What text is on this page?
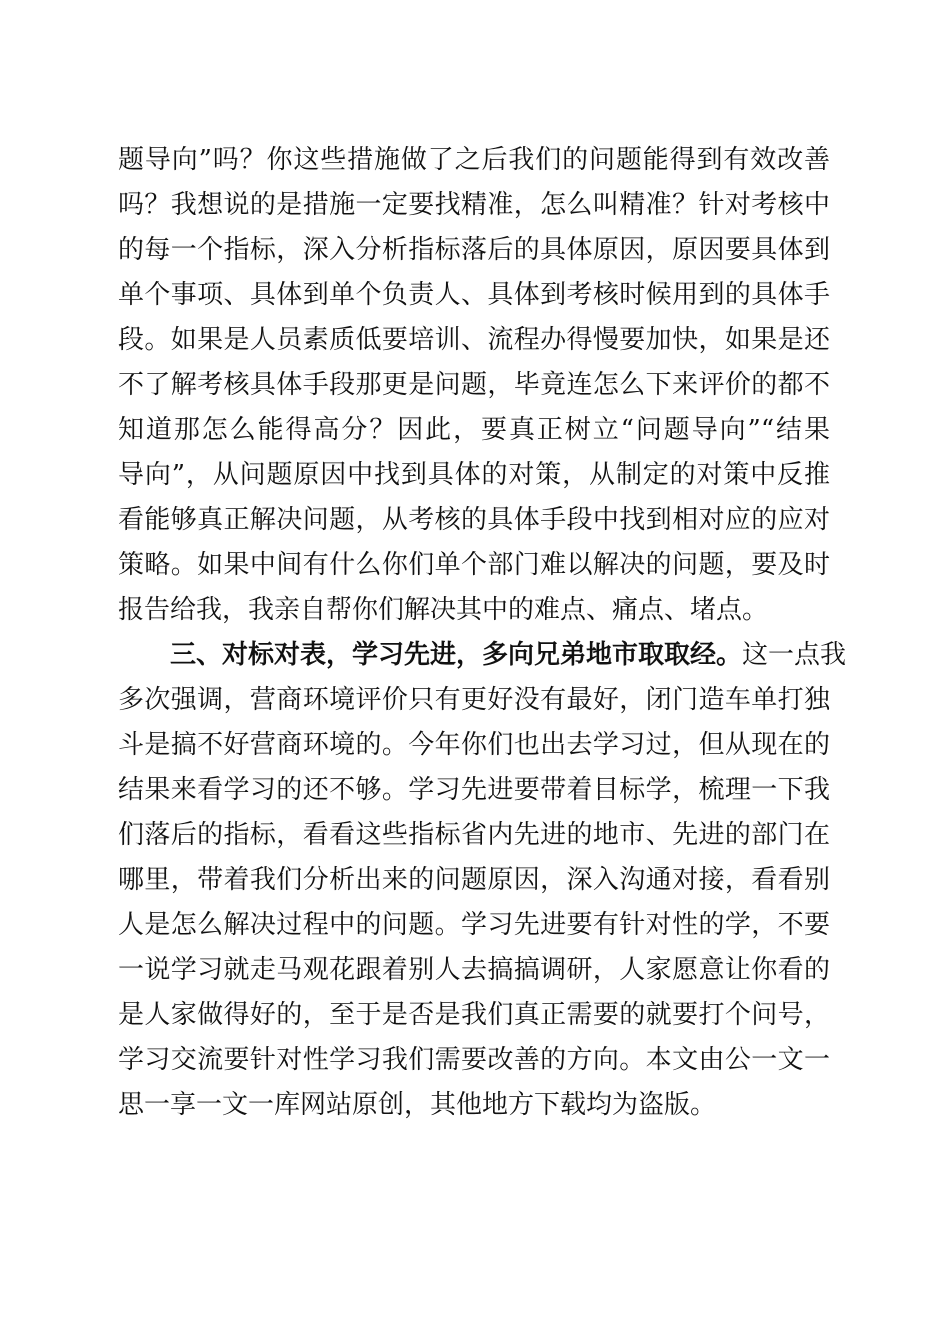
题导向”吗？你这些措施做了之后我们的问题能得到有效改善
吗？我想说的是措施一定要找精准，怎么叫精准？针对考核中
的每一个指标，深入分析指标落后的具体原因，原因要具体到
单个事项、具体到单个负责人、具体到考核时候用到的具体手
段。如果是人员素质低要培训、流程办得慢要加快，如果是还
不了解考核具体手段那更是问题，毕竟连怎么下来评价的都不
知道那怎么能得高分？因此，要真正树立“问题导向”“结果
导向”，从问题原因中找到具体的对策，从制定的对策中反推
看能够真正解决问题，从考核的具体手段中找到相对应的应对
策略。如果中间有什么你们单个部门难以解决的问题，要及时
报告给我，我亲自帮你们解决其中的难点、痛点、堵点。
三、对标对表，学习先进，多向兄弟地市取取经。这一点我
多次强调，营商环境评价只有更好没有最好，闭门造车单打独
斗是搞不好营商环境的。今年你们也出去学习过，但从现在的
结果来看学习的还不够。学习先进要带着目标学，梳理一下我
们落后的指标，看看这些指标省内先进的地市、先进的部门在
哪里，带着我们分析出来的问题原因，深入沟通对接，看看别
人是怎么解决过程中的问题。学习先进要有针对性的学，不要
一说学习就走马观花跟着别人去搞搞调研，人家愿意让你看的
是人家做得好的，至于是否是我们真正需要的就要打个问号，
学习交流要针对性学习我们需要改善的方向。本文由公一文一
思一享一文一库网站原创，其他地方下载均为盗版。
